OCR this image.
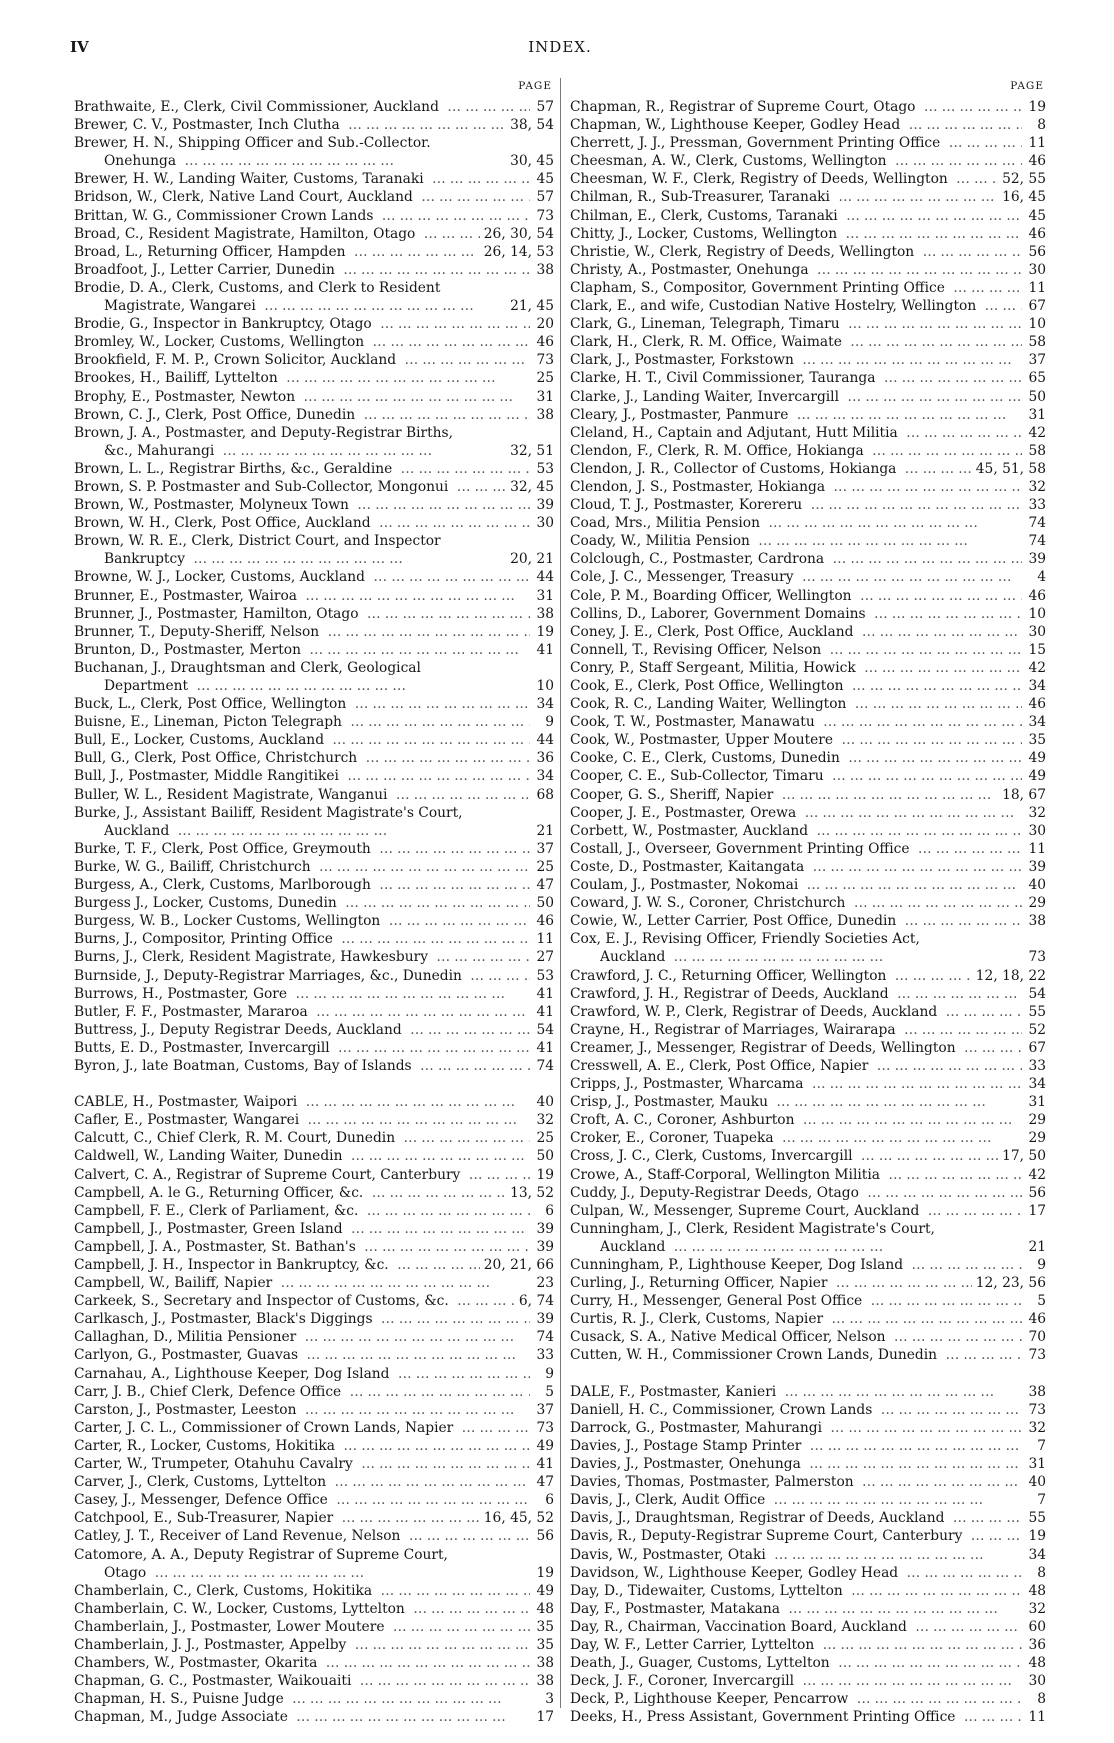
IV	INDEX.
PAGE
Brathwaite, E., Clerk, Civil Commissioner, Auckland ………………………………	57
Brewer, C. V., Postmaster, Inch Clutha ………………………………	38, 54
Brewer, H. N., Shipping Officer and Sub.-Collector.
Onehunga ………………………………	30, 45
Brewer, H. W., Landing Waiter, Customs, Taranaki ………………………………	45
Bridson, W., Clerk, Native Land Court, Auckland ………………………………	57
Brittan, W. G., Commissioner Crown Lands ………………………………	73
Broad, C., Resident Magistrate, Hamilton, Otago ………………………………	26, 30, 54
Broad, L., Returning Officer, Hampden ………………………………	26, 14, 53
Broadfoot, J., Letter Carrier, Dunedin ………………………………	38
Brodie, D. A., Clerk, Customs, and Clerk to Resident
Magistrate, Wangarei ………………………………	21, 45
Brodie, G., Inspector in Bankruptcy, Otago ………………………………	20
Bromley, W., Locker, Customs, Wellington ………………………………	46
Brookfield, F. M. P., Crown Solicitor, Auckland ………………………………	73
Brookes, H., Bailiff, Lyttelton ………………………………	25
Brophy, E., Postmaster, Newton ………………………………	31
Brown, C. J., Clerk, Post Office, Dunedin ………………………………	38
Brown, J. A., Postmaster, and Deputy-Registrar Births,
&c., Mahurangi ………………………………	32, 51
Brown, L. L., Registrar Births, &c., Geraldine ………………………………	53
Brown, S. P. Postmaster and Sub-Collector, Mongonui ………………………………	32, 45
Brown, W., Postmaster, Molyneux Town ………………………………	39
Brown, W. H., Clerk, Post Office, Auckland ………………………………	30
Brown, W. R. E., Clerk, District Court, and Inspector
Bankruptcy ………………………………	20, 21
Browne, W. J., Locker, Customs, Auckland ………………………………	44
Brunner, E., Postmaster, Wairoa ………………………………	31
Brunner, J., Postmaster, Hamilton, Otago ………………………………	38
Brunner, T., Deputy-Sheriff, Nelson ………………………………	19
Brunton, D., Postmaster, Merton ………………………………	41
Buchanan, J., Draughtsman and Clerk, Geological
Department ………………………………	10
Buck, L., Clerk, Post Office, Wellington ………………………………	34
Buisne, E., Lineman, Picton Telegraph ………………………………	9
Bull, E., Locker, Customs, Auckland ………………………………	44
Bull, G., Clerk, Post Office, Christchurch ………………………………	36
Bull, J., Postmaster, Middle Rangitikei ………………………………	34
Buller, W. L., Resident Magistrate, Wanganui ………………………………	68
Burke, J., Assistant Bailiff, Resident Magistrate's Court,
Auckland ………………………………	21
Burke, T. F., Clerk, Post Office, Greymouth ………………………………	37
Burke, W. G., Bailiff, Christchurch ………………………………	25
Burgess, A., Clerk, Customs, Marlborough ………………………………	47
Burgess J., Locker, Customs, Dunedin ………………………………	50
Burgess, W. B., Locker Customs, Wellington ………………………………	46
Burns, J., Compositor, Printing Office ………………………………	11
Burns, J., Clerk, Resident Magistrate, Hawkesbury ………………………………	27
Burnside, J., Deputy-Registrar Marriages, &c., Dunedin ………………………………	53
Burrows, H., Postmaster, Gore ………………………………	41
Butler, F. F., Postmaster, Mararoa ………………………………	41
Buttress, J., Deputy Registrar Deeds, Auckland ………………………………	54
Butts, E. D., Postmaster, Invercargill ………………………………	41
Byron, J., late Boatman, Customs, Bay of Islands ………………………………	74
CABLE, H., Postmaster, Waipori ………………………………	40
Cafler, E., Postmaster, Wangarei ………………………………	32
Calcutt, C., Chief Clerk, R. M. Court, Dunedin ………………………………	25
Caldwell, W., Landing Waiter, Dunedin ………………………………	50
Calvert, C. A., Registrar of Supreme Court, Canterbury ………………………………	19
Campbell, A. le G., Returning Officer, &c. ………………………………	13, 52
Campbell, F. E., Clerk of Parliament, &c. ………………………………	6
Campbell, J., Postmaster, Green Island ………………………………	39
Campbell, J. A., Postmaster, St. Bathan's ………………………………	39
Campbell, J. H., Inspector in Bankruptcy, &c. ………………………………	20, 21, 66
Campbell, W., Bailiff, Napier ………………………………	23
Carkeek, S., Secretary and Inspector of Customs, &c. ………………………………	6, 74
Carlkasch, J., Postmaster, Black's Diggings ………………………………	39
Callaghan, D., Militia Pensioner ………………………………	74
Carlyon, G., Postmaster, Guavas ………………………………	33
Carnahau, A., Lighthouse Keeper, Dog Island ………………………………	9
Carr, J. B., Chief Clerk, Defence Office ………………………………	5
Carston, J., Postmaster, Leeston ………………………………	37
Carter, J. C. L., Commissioner of Crown Lands, Napier ………………………………	73
Carter, R., Locker, Customs, Hokitika ………………………………	49
Carter, W., Trumpeter, Otahuhu Cavalry ………………………………	41
Carver, J., Clerk, Customs, Lyttelton ………………………………	47
Casey, J., Messenger, Defence Office ………………………………	6
Catchpool, E., Sub-Treasurer, Napier ………………………………	16, 45, 52
Catley, J. T., Receiver of Land Revenue, Nelson ………………………………	56
Catomore, A. A., Deputy Registrar of Supreme Court,
Otago ………………………………	19
Chamberlain, C., Clerk, Customs, Hokitika ………………………………	49
Chamberlain, C. W., Locker, Customs, Lyttelton ………………………………	48
Chamberlain, J., Postmaster, Lower Moutere ………………………………	35
Chamberlain, J. J., Postmaster, Appelby ………………………………	35
Chambers, W., Postmaster, Okarita ………………………………	38
Chapman, G. C., Postmaster, Waikouaiti ………………………………	38
Chapman, H. S., Puisne Judge ………………………………	3
Chapman, M., Judge Associate ………………………………	17
PAGE
Chapman, R., Registrar of Supreme Court, Otago ………………………………	19
Chapman, W., Lighthouse Keeper, Godley Head ………………………………	8
Cherrett, J. J., Pressman, Government Printing Office ………………………………	11
Cheesman, A. W., Clerk, Customs, Wellington ………………………………	46
Cheesman, W. F., Clerk, Registry of Deeds, Wellington ………………………………	52, 55
Chilman, R., Sub-Treasurer, Taranaki ………………………………	16, 45
Chilman, E., Clerk, Customs, Taranaki ………………………………	45
Chitty, J., Locker, Customs, Wellington ………………………………	46
Christie, W., Clerk, Registry of Deeds, Wellington ………………………………	56
Christy, A., Postmaster, Onehunga ………………………………	30
Clapham, S., Compositor, Government Printing Office ………………………………	11
Clark, E., and wife, Custodian Native Hostelry, Wellington ………………………………	67
Clark, G., Lineman, Telegraph, Timaru ………………………………	10
Clark, H., Clerk, R. M. Office, Waimate ………………………………	58
Clark, J., Postmaster, Forkstown ………………………………	37
Clarke, H. T., Civil Commissioner, Tauranga ………………………………	65
Clarke, J., Landing Waiter, Invercargill ………………………………	50
Cleary, J., Postmaster, Panmure ………………………………	31
Cleland, H., Captain and Adjutant, Hutt Militia ………………………………	42
Clendon, F., Clerk, R. M. Office, Hokianga ………………………………	58
Clendon, J. R., Collector of Customs, Hokianga ………………………………	45, 51, 58
Clendon, J. S., Postmaster, Hokianga ………………………………	32
Cloud, T. J., Postmaster, Korereru ………………………………	33
Coad, Mrs., Militia Pension ………………………………	74
Coady, W., Militia Pension ………………………………	74
Colclough, C., Postmaster, Cardrona ………………………………	39
Cole, J. C., Messenger, Treasury ………………………………	4
Cole, P. M., Boarding Officer, Wellington ………………………………	46
Collins, D., Laborer, Government Domains ………………………………	10
Coney, J. E., Clerk, Post Office, Auckland ………………………………	30
Connell, T., Revising Officer, Nelson ………………………………	15
Conry, P., Staff Sergeant, Militia, Howick ………………………………	42
Cook, E., Clerk, Post Office, Wellington ………………………………	34
Cook, R. C., Landing Waiter, Wellington ………………………………	46
Cook, T. W., Postmaster, Manawatu ………………………………	34
Cook, W., Postmaster, Upper Moutere ………………………………	35
Cooke, C. E., Clerk, Customs, Dunedin ………………………………	49
Cooper, C. E., Sub-Collector, Timaru ………………………………	49
Cooper, G. S., Sheriff, Napier ………………………………	18, 67
Cooper, J. E., Postmaster, Orewa ………………………………	32
Corbett, W., Postmaster, Auckland ………………………………	30
Costall, J., Overseer, Government Printing Office ………………………………	11
Coste, D., Postmaster, Kaitangata ………………………………	39
Coulam, J., Postmaster, Nokomai ………………………………	40
Coward, J. W. S., Coroner, Christchurch ………………………………	29
Cowie, W., Letter Carrier, Post Office, Dunedin ………………………………	38
Cox, E. J., Revising Officer, Friendly Societies Act,
Auckland ………………………………	73
Crawford, J. C., Returning Officer, Wellington ………………………………	12, 18, 22
Crawford, J. H., Registrar of Deeds, Auckland ………………………………	54
Crawford, W. P., Clerk, Registrar of Deeds, Auckland ………………………………	55
Crayne, H., Registrar of Marriages, Wairarapa ………………………………	52
Creamer, J., Messenger, Registrar of Deeds, Wellington ………………………………	67
Cresswell, A. E., Clerk, Post Office, Napier ………………………………	33
Cripps, J., Postmaster, Wharcama ………………………………	34
Crisp, J., Postmaster, Mauku ………………………………	31
Croft, A. C., Coroner, Ashburton ………………………………	29
Croker, E., Coroner, Tuapeka ………………………………	29
Cross, J. C., Clerk, Customs, Invercargill ………………………………	17, 50
Crowe, A., Staff-Corporal, Wellington Militia ………………………………	42
Cuddy, J., Deputy-Registrar Deeds, Otago ………………………………	56
Culpan, W., Messenger, Supreme Court, Auckland ………………………………	17
Cunningham, J., Clerk, Resident Magistrate's Court,
Auckland ………………………………	21
Cunningham, P., Lighthouse Keeper, Dog Island ………………………………	9
Curling, J., Returning Officer, Napier ………………………………	12, 23, 56
Curry, H., Messenger, General Post Office ………………………………	5
Curtis, R. J., Clerk, Customs, Napier ………………………………	46
Cusack, S. A., Native Medical Officer, Nelson ………………………………	70
Cutten, W. H., Commissioner Crown Lands, Dunedin ………………………………	73
DALE, F., Postmaster, Kanieri ………………………………	38
Daniell, H. C., Commissioner, Crown Lands ………………………………	73
Darrock, G., Postmaster, Mahurangi ………………………………	32
Davies, J., Postage Stamp Printer ………………………………	7
Davies, J., Postmaster, Onehunga ………………………………	31
Davies, Thomas, Postmaster, Palmerston ………………………………	40
Davis, J., Clerk, Audit Office ………………………………	7
Davis, J., Draughtsman, Registrar of Deeds, Auckland ………………………………	55
Davis, R., Deputy-Registrar Supreme Court, Canterbury ………………………………	19
Davis, W., Postmaster, Otaki ………………………………	34
Davidson, W., Lighthouse Keeper, Godley Head ………………………………	8
Day, D., Tidewaiter, Customs, Lyttelton ………………………………	48
Day, F., Postmaster, Matakana ………………………………	32
Day, R., Chairman, Vaccination Board, Auckland ………………………………	60
Day, W. F., Letter Carrier, Lyttelton ………………………………	36
Death, J., Guager, Customs, Lyttelton ………………………………	48
Deck, J. F., Coroner, Invercargill ………………………………	30
Deck, P., Lighthouse Keeper, Pencarrow ………………………………	8
Deeks, H., Press Assistant, Government Printing Office ………………………………	11
